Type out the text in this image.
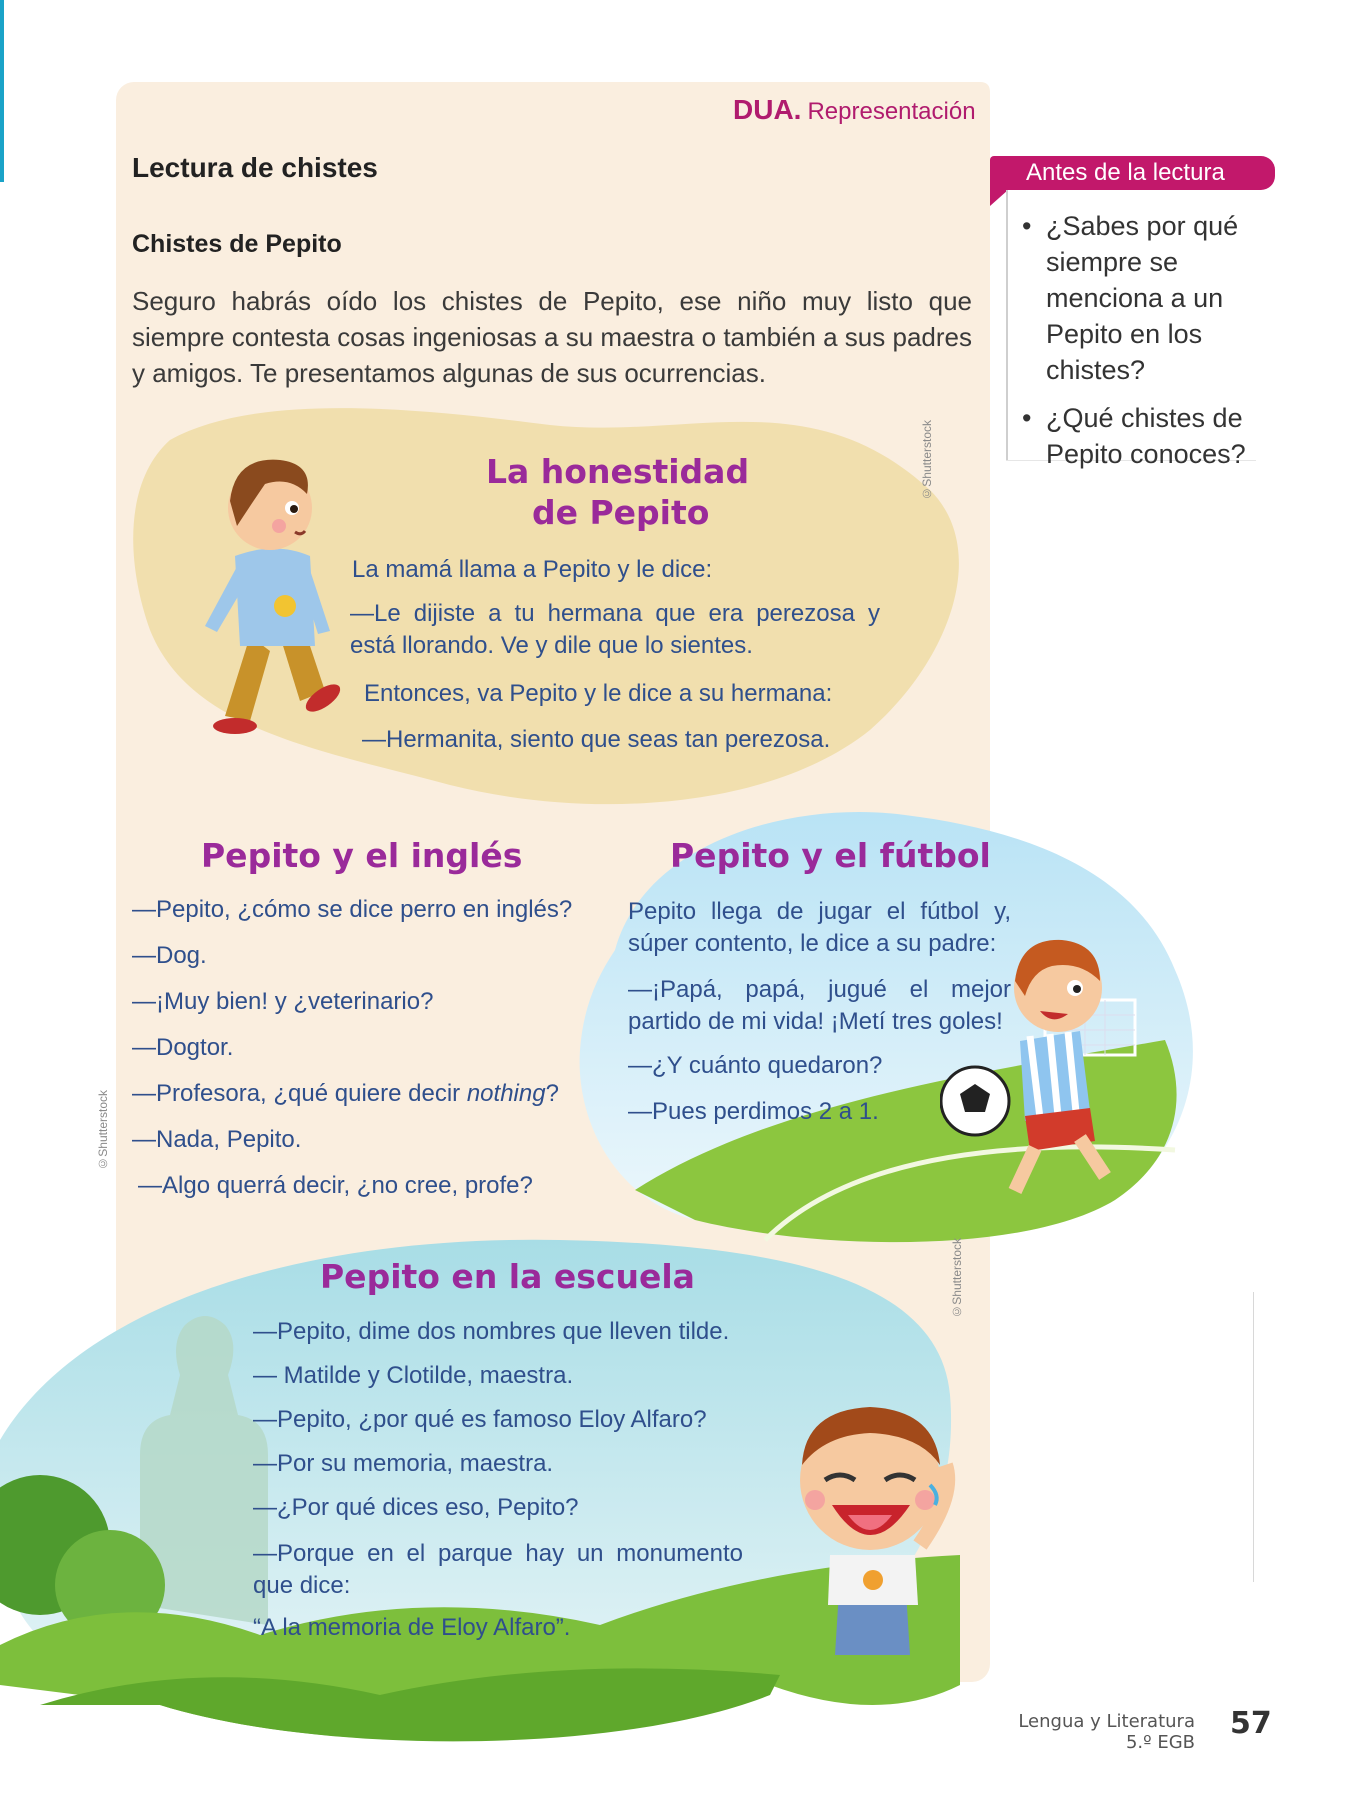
DUA. Representación
Lectura de chistes
Chistes de Pepito

Seguro habrás oído los chistes de Pepito, ese niño muy listo que siempre contesta cosas ingeniosas a su maestra o también a sus padres y amigos. Te presentamos algunas de sus ocurrencias.

La honestidad
de Pepito

La mamá llama a Pepito y le dice:

—Le dijiste a tu hermana que era perezosa y está llorando. Ve y dile que lo sientes.

Entonces, va Pepito y le dice a su hermana:

—Hermanita, siento que seas tan perezosa.

©Shutterstock
Pepito y el inglés

—Pepito, ¿cómo se dice perro en inglés?

—Dog.

—¡Muy bien! y ¿veterinario?

—Dogtor.

—Profesora, ¿qué quiere decir nothing?

—Nada, Pepito.

—Algo querrá decir, ¿no cree, profe?

©Shutterstock
Pepito y el fútbol

Pepito llega de jugar el fútbol y, súper contento, le dice a su padre:

—¡Papá, papá, jugué el mejor partido de mi vida! ¡Metí tres goles!

—¿Y cuánto quedaron?

—Pues perdimos 2 a 1.

©Shutterstock
Pepito en la escuela

—Pepito, dime dos nombres que lleven tilde.

— Matilde y Clotilde, maestra.

—Pepito, ¿por qué es famoso Eloy Alfaro?

—Por su memoria, maestra.

—¿Por qué dices eso, Pepito?

—Porque en el parque hay un monumento que dice:

“A la memoria de Eloy Alfaro”.

Antes de la lectura
• ¿Sabes por qué siempre se menciona a un Pepito en los chistes?
• ¿Qué chistes de Pepito conoces?
Lengua y Literatura
5.º EGB
57
